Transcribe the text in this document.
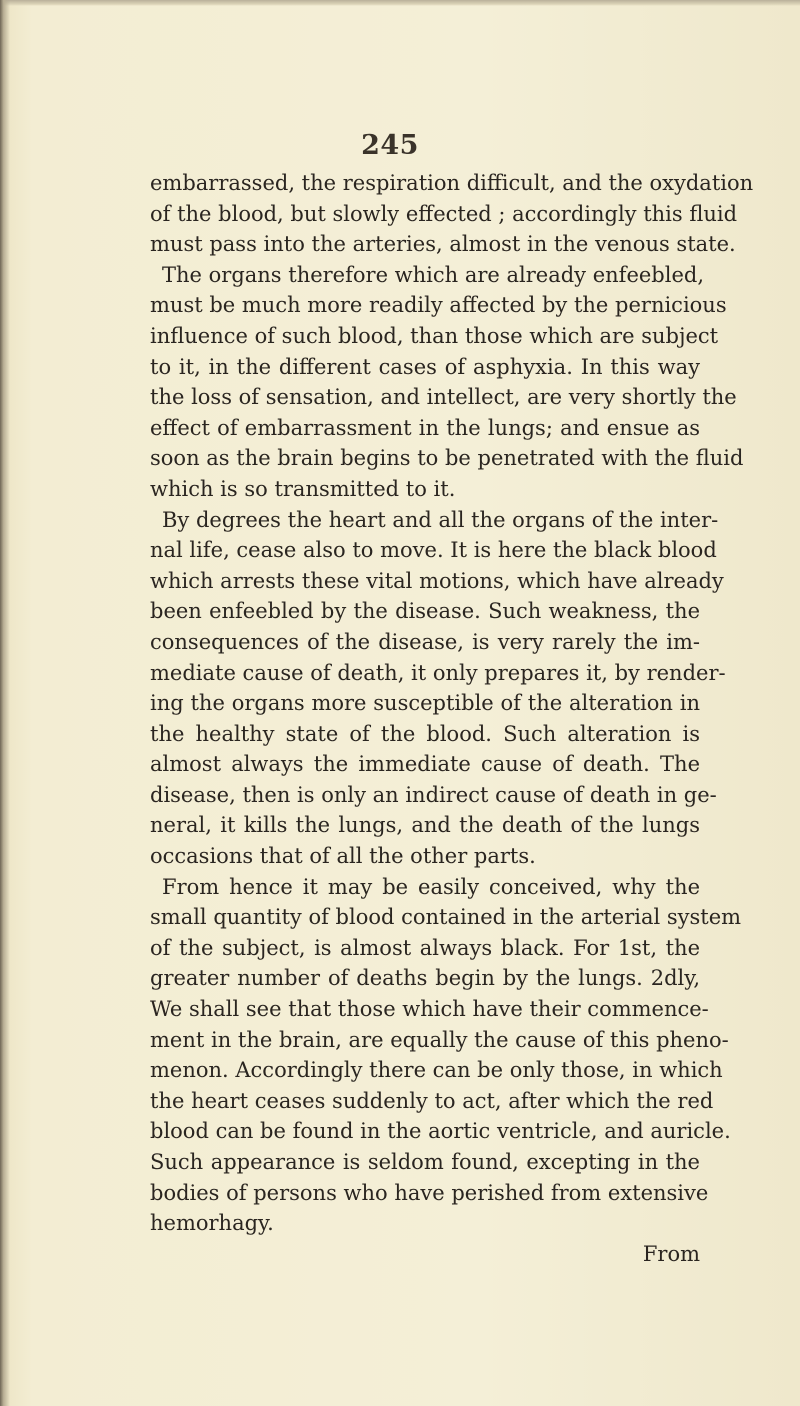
245
embarrassed, the respiration difficult, and the oxydation
of the blood, but slowly effected ; accordingly this fluid
must pass into the arteries, almost in the venous state.
The organs therefore which are already enfeebled,
must be much more readily affected by the pernicious
influence of such blood, than those which are subject
to it, in the different cases of asphyxia. In this way
the loss of sensation, and intellect, are very shortly the
effect of embarrassment in the lungs; and ensue as
soon as the brain begins to be penetrated with the fluid
which is so transmitted to it.
By degrees the heart and all the organs of the inter-
nal life, cease also to move. It is here the black blood
which arrests these vital motions, which have already
been enfeebled by the disease. Such weakness, the
consequences of the disease, is very rarely the im-
mediate cause of death, it only prepares it, by render-
ing the organs more susceptible of the alteration in
the healthy state of the blood. Such alteration is
almost always the immediate cause of death. The
disease, then is only an indirect cause of death in ge-
neral, it kills the lungs, and the death of the lungs
occasions that of all the other parts.
From hence it may be easily conceived, why the
small quantity of blood contained in the arterial system
of the subject, is almost always black. For 1st, the
greater number of deaths begin by the lungs. 2dly,
We shall see that those which have their commence-
ment in the brain, are equally the cause of this pheno-
menon. Accordingly there can be only those, in which
the heart ceases suddenly to act, after which the red
blood can be found in the aortic ventricle, and auricle.
Such appearance is seldom found, excepting in the
bodies of persons who have perished from extensive
hemorhagy.
From
